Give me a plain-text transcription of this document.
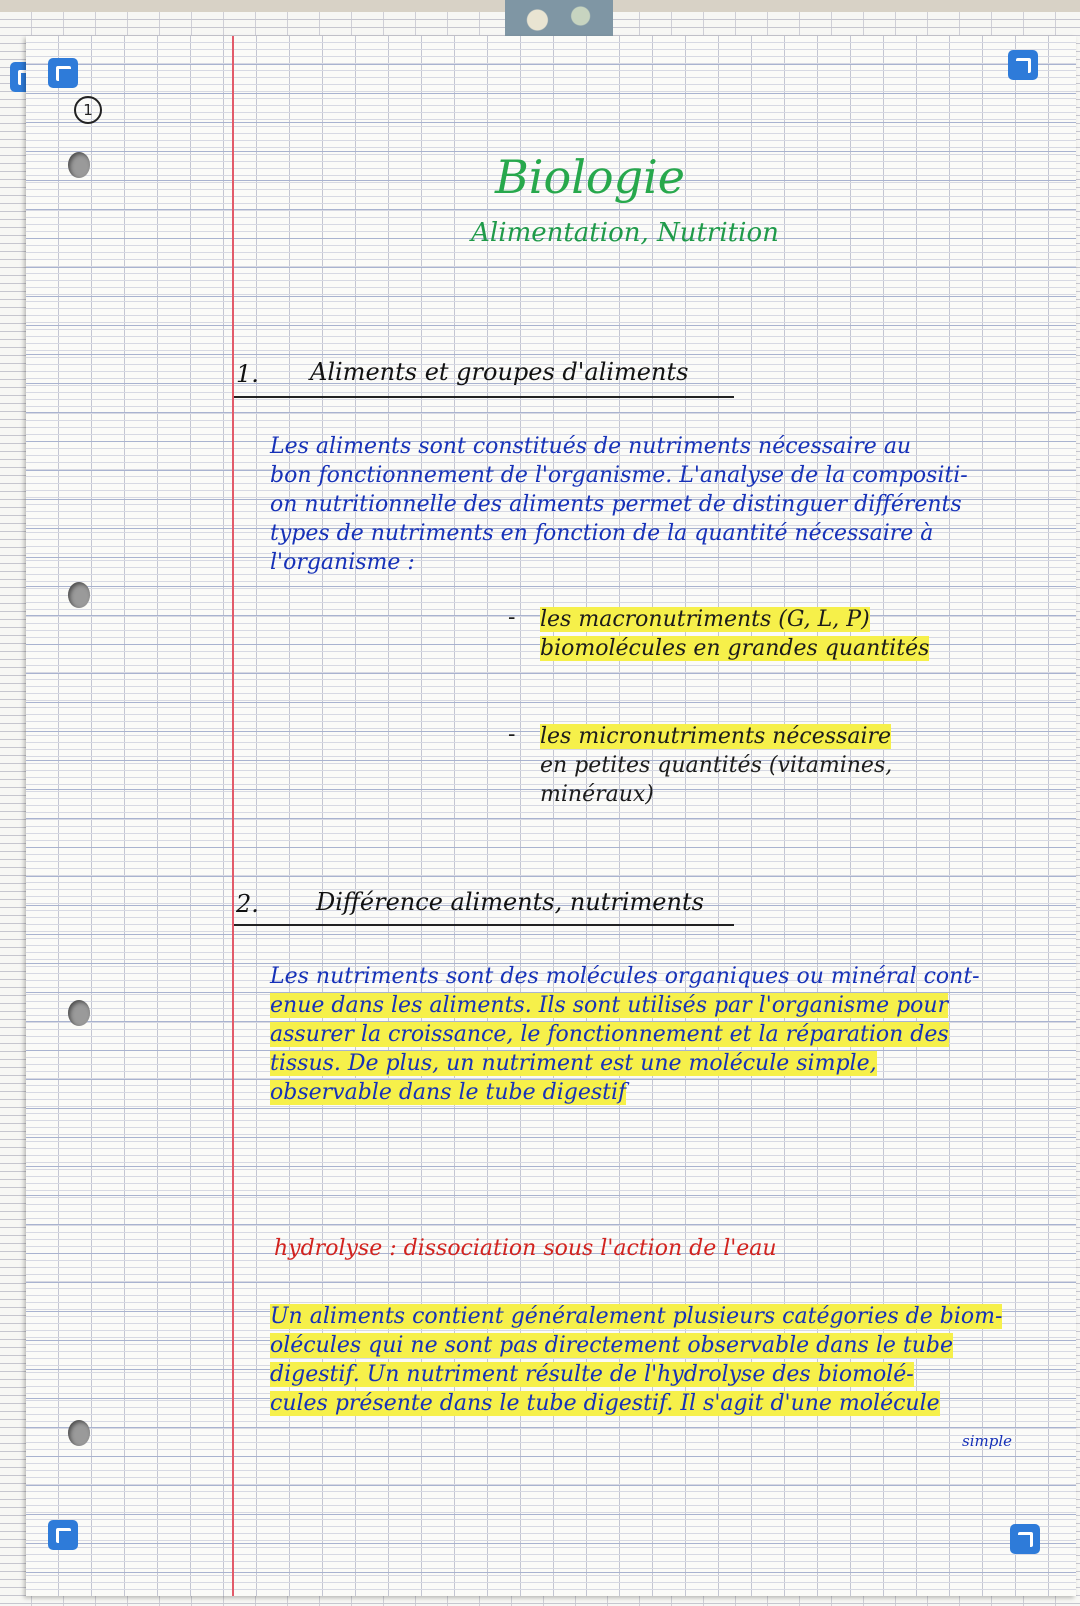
1
Biologie
Alimentation, Nutrition
1. Aliments et groupes d'aliments
Les aliments sont constitués de nutriments nécessaire au
bon fonctionnement de l'organisme. L'analyse de la compositi-
on nutritionnelle des aliments permet de distinguer différents
types de nutriments en fonction de la quantité nécessaire à
l'organisme :
- les macronutriments (G, L, P)
biomolécules en grandes quantités
- les micronutriments nécessaire
en petites quantités (vitamines,
minéraux)
2. Différence aliments, nutriments
Les nutriments sont des molécules organiques ou minéral cont-
enue dans les aliments. Ils sont utilisés par l'organisme pour
assurer la croissance, le fonctionnement et la réparation des
tissus. De plus, un nutriment est une molécule simple,
observable dans le tube digestif
hydrolyse : dissociation sous l'action de l'eau
Un aliments contient généralement plusieurs catégories de biom-
olécules qui ne sont pas directement observable dans le tube
digestif. Un nutriment résulte de l'hydrolyse des biomolé-
cules présente dans le tube digestif. Il s'agit d'une molécule
simple
